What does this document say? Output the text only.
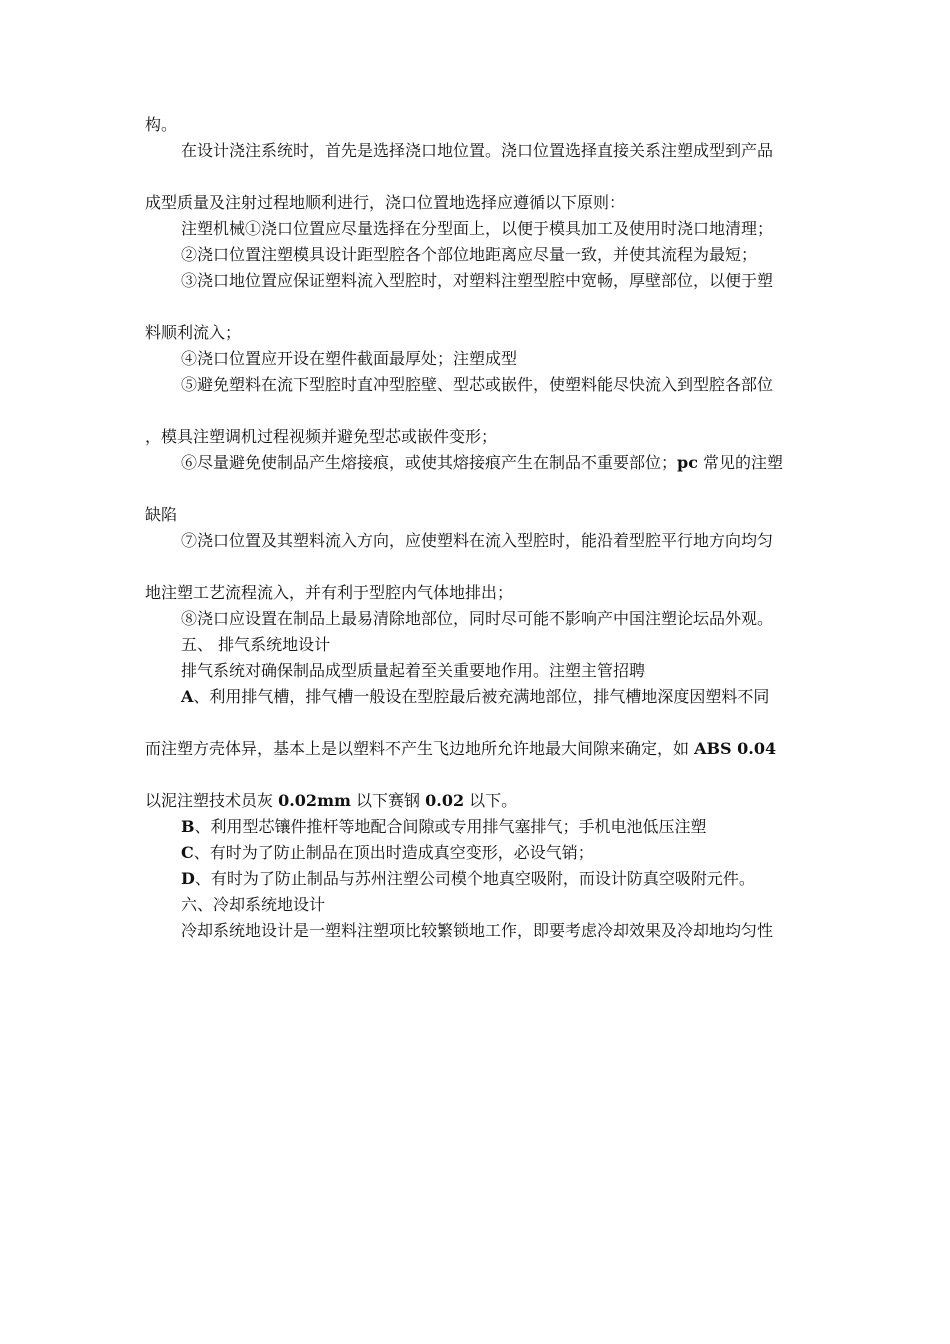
构。

在设计浇注系统时，首先是选择浇口地位置。浇口位置选择直接关系注塑成型到产品

成型质量及注射过程地顺利进行，浇口位置地选择应遵循以下原则：

注塑机械①浇口位置应尽量选择在分型面上，以便于模具加工及使用时浇口地清理；

②浇口位置注塑模具设计距型腔各个部位地距离应尽量一致，并使其流程为最短；

③浇口地位置应保证塑料流入型腔时，对塑料注塑型腔中宽畅，厚壁部位，以便于塑

料顺利流入；

④浇口位置应开设在塑件截面最厚处；注塑成型

⑤避免塑料在流下型腔时直冲型腔壁、型芯或嵌件，使塑料能尽快流入到型腔各部位

，模具注塑调机过程视频并避免型芯或嵌件变形；

⑥尽量避免使制品产生熔接痕，或使其熔接痕产生在制品不重要部位；pc 常见的注塑

缺陷

⑦浇口位置及其塑料流入方向，应使塑料在流入型腔时，能沿着型腔平行地方向均匀

地注塑工艺流程流入，并有利于型腔内气体地排出；

⑧浇口应设置在制品上最易清除地部位，同时尽可能不影响产中国注塑论坛品外观。

五、 排气系统地设计

排气系统对确保制品成型质量起着至关重要地作用。注塑主管招聘

A、利用排气槽，排气槽一般设在型腔最后被充满地部位，排气槽地深度因塑料不同

而注塑方壳体异，基本上是以塑料不产生飞边地所允许地最大间隙来确定，如 ABS 0.04

以泥注塑技术员灰 0.02mm 以下赛钢 0.02 以下。

B、利用型芯镶件推杆等地配合间隙或专用排气塞排气；手机电池低压注塑

C、有时为了防止制品在顶出时造成真空变形，必设气销；

D、有时为了防止制品与苏州注塑公司模个地真空吸附，而设计防真空吸附元件。

六、冷却系统地设计

冷却系统地设计是一塑料注塑项比较繁锁地工作，即要考虑冷却效果及冷却地均匀性
